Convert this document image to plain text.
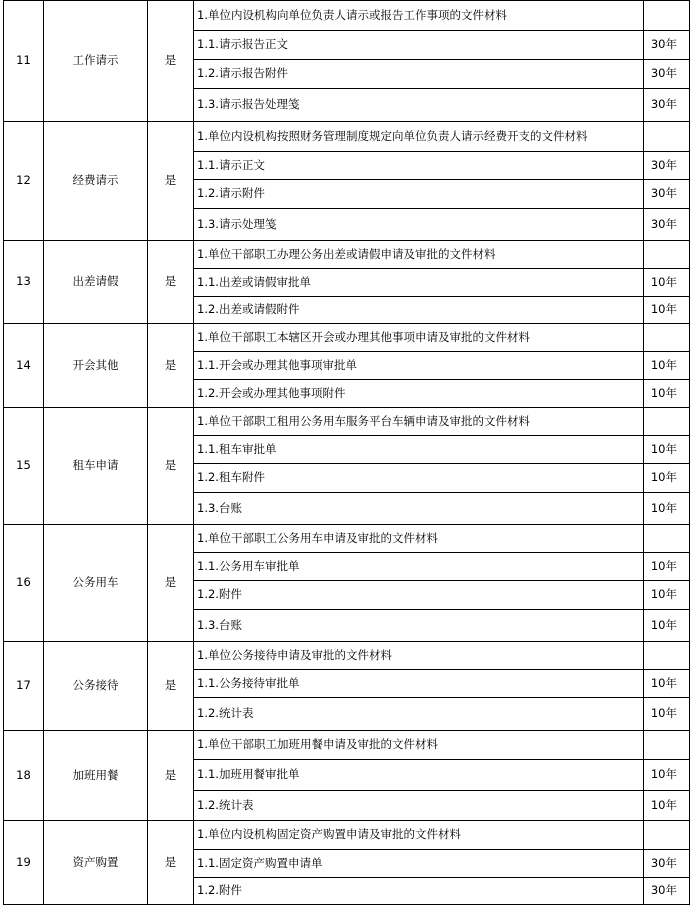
11	工作请示	是	1.单位内设机构向单位负责人请示或报告工作事项的文件材料	
			1.1.请示报告正文	30年
			1.2.请示报告附件	30年
			1.3.请示报告处理笺	30年
12	经费请示	是	1.单位内设机构按照财务管理制度规定向单位负责人请示经费开支的文件材料	
			1.1.请示正文	30年
			1.2.请示附件	30年
			1.3.请示处理笺	30年
13	出差请假	是	1.单位干部职工办理公务出差或请假申请及审批的文件材料	
			1.1.出差或请假审批单	10年
			1.2.出差或请假附件	10年
14	开会其他	是	1.单位干部职工本辖区开会或办理其他事项申请及审批的文件材料	
			1.1.开会或办理其他事项审批单	10年
			1.2.开会或办理其他事项附件	10年
15	租车申请	是	1.单位干部职工租用公务用车服务平台车辆申请及审批的文件材料	
			1.1.租车审批单	10年
			1.2.租车附件	10年
			1.3.台账	10年
16	公务用车	是	1.单位干部职工公务用车申请及审批的文件材料	
			1.1.公务用车审批单	10年
			1.2.附件	10年
			1.3.台账	10年
17	公务接待	是	1.单位公务接待申请及审批的文件材料	
			1.1.公务接待审批单	10年
			1.2.统计表	10年
18	加班用餐	是	1.单位干部职工加班用餐申请及审批的文件材料	
			1.1.加班用餐审批单	10年
			1.2.统计表	10年
19	资产购置	是	1.单位内设机构固定资产购置申请及审批的文件材料	
			1.1.固定资产购置申请单	30年
			1.2.附件	30年
